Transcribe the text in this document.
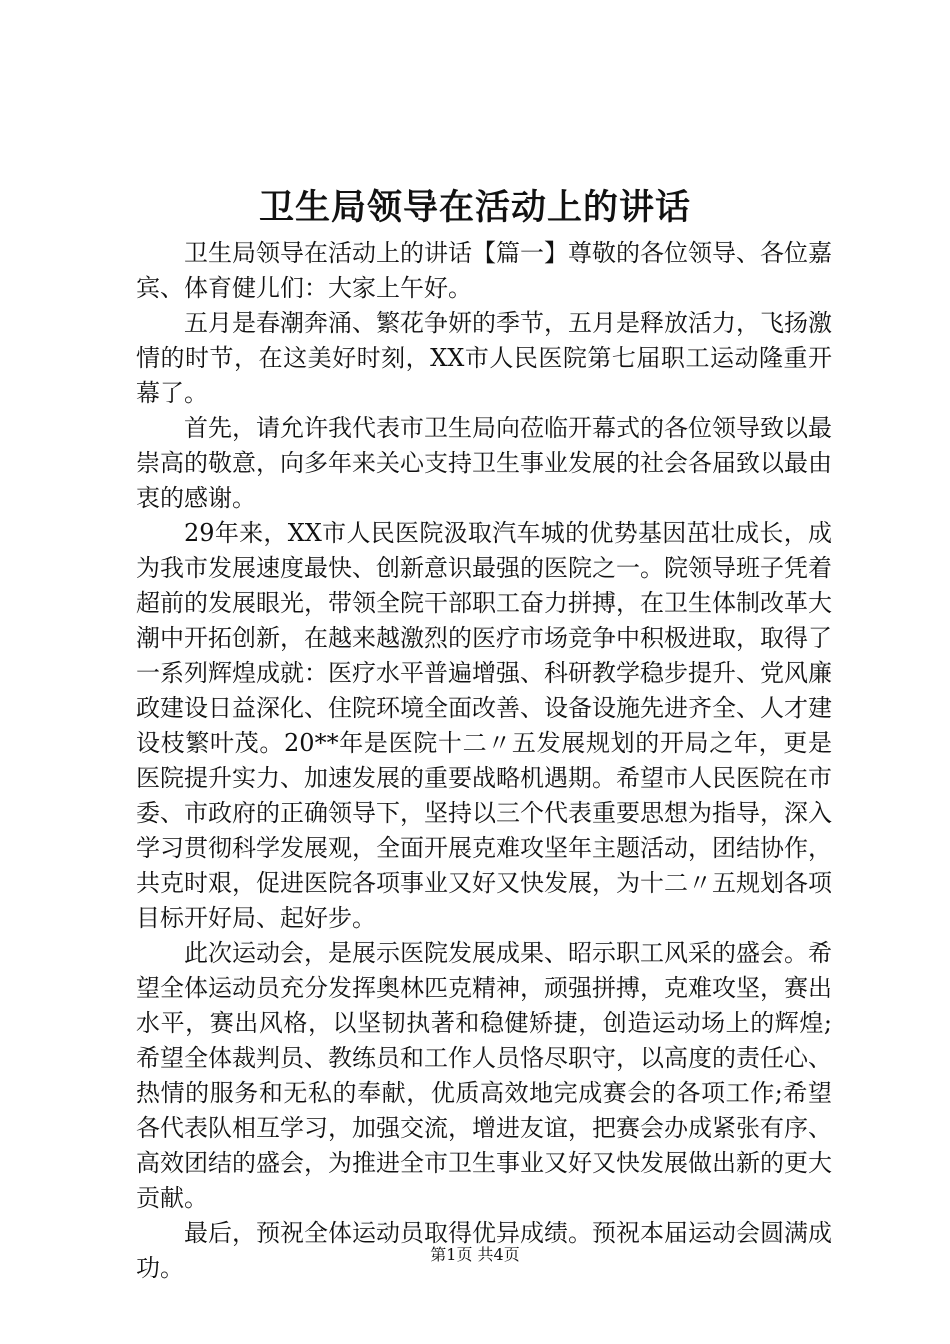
卫生局领导在活动上的讲话

卫生局领导在活动上的讲话【篇一】尊敬的各位领导、各位嘉宾、体育健儿们：大家上午好。

五月是春潮奔涌、繁花争妍的季节，五月是释放活力，飞扬激情的时节，在这美好时刻，XX市人民医院第七届职工运动隆重开幕了。

首先，请允许我代表市卫生局向莅临开幕式的各位领导致以最崇高的敬意，向多年来关心支持卫生事业发展的社会各届致以最由衷的感谢。

29年来，XX市人民医院汲取汽车城的优势基因茁壮成长，成为我市发展速度最快、创新意识最强的医院之一。院领导班子凭着超前的发展眼光，带领全院干部职工奋力拼搏，在卫生体制改革大潮中开拓创新，在越来越激烈的医疗市场竞争中积极进取，取得了一系列辉煌成就：医疗水平普遍增强、科研教学稳步提升、党风廉政建设日益深化、住院环境全面改善、设备设施先进齐全、人才建设枝繁叶茂。20**年是医院十二〃五发展规划的开局之年，更是医院提升实力、加速发展的重要战略机遇期。希望市人民医院在市委、市政府的正确领导下，坚持以三个代表重要思想为指导，深入学习贯彻科学发展观，全面开展克难攻坚年主题活动，团结协作，共克时艰，促进医院各项事业又好又快发展，为十二〃五规划各项目标开好局、起好步。

此次运动会，是展示医院发展成果、昭示职工风采的盛会。希望全体运动员充分发挥奥林匹克精神，顽强拼搏，克难攻坚，赛出水平，赛出风格，以坚韧执著和稳健矫捷，创造运动场上的辉煌;希望全体裁判员、教练员和工作人员恪尽职守，以高度的责任心、热情的服务和无私的奉献，优质高效地完成赛会的各项工作;希望各代表队相互学习，加强交流，增进友谊，把赛会办成紧张有序、高效团结的盛会，为推进全市卫生事业又好又快发展做出新的更大贡献。

最后，预祝全体运动员取得优异成绩。预祝本届运动会圆满成功。	第1页 共4页
